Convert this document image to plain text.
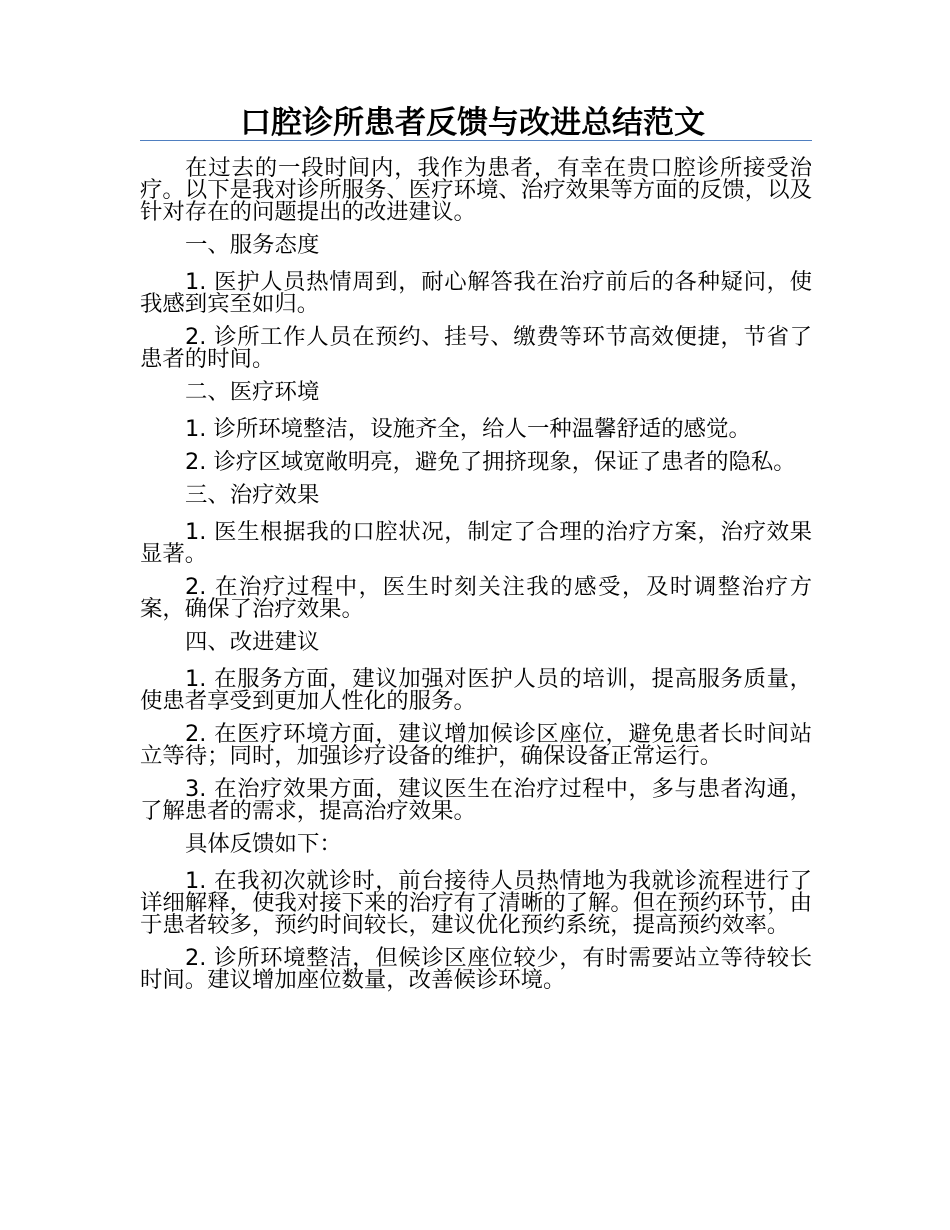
口腔诊所患者反馈与改进总结范文

在过去的一段时间内，我作为患者，有幸在贵口腔诊所接受治疗。以下是我对诊所服务、医疗环境、治疗效果等方面的反馈，以及针对存在的问题提出的改进建议。

一、服务态度

1. 医护人员热情周到，耐心解答我在治疗前后的各种疑问，使我感到宾至如归。

2. 诊所工作人员在预约、挂号、缴费等环节高效便捷，节省了患者的时间。

二、医疗环境

1. 诊所环境整洁，设施齐全，给人一种温馨舒适的感觉。

2. 诊疗区域宽敞明亮，避免了拥挤现象，保证了患者的隐私。

三、治疗效果

1. 医生根据我的口腔状况，制定了合理的治疗方案，治疗效果显著。

2. 在治疗过程中，医生时刻关注我的感受，及时调整治疗方案，确保了治疗效果。

四、改进建议

1. 在服务方面，建议加强对医护人员的培训，提高服务质量，使患者享受到更加人性化的服务。

2. 在医疗环境方面，建议增加候诊区座位，避免患者长时间站立等待；同时，加强诊疗设备的维护，确保设备正常运行。

3. 在治疗效果方面，建议医生在治疗过程中，多与患者沟通，了解患者的需求，提高治疗效果。

具体反馈如下：

1. 在我初次就诊时，前台接待人员热情地为我就诊流程进行了详细解释，使我对接下来的治疗有了清晰的了解。但在预约环节，由于患者较多，预约时间较长，建议优化预约系统，提高预约效率。

2. 诊所环境整洁，但候诊区座位较少，有时需要站立等待较长时间。建议增加座位数量，改善候诊环境。
